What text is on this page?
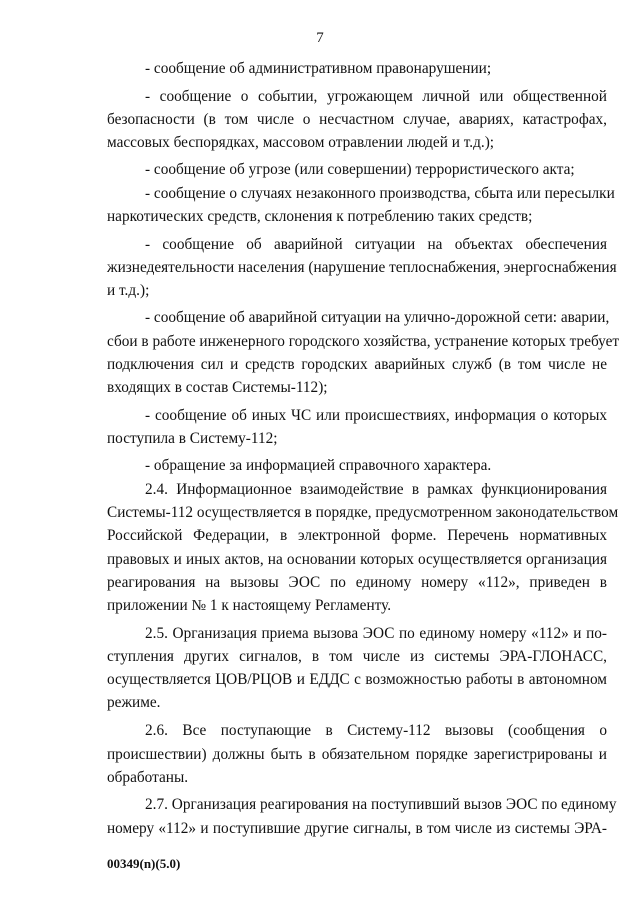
7
- сообщение об административном правонарушении;
- сообщение о событии, угрожающем личной или общественной
безопасности (в том числе о несчастном случае, авариях, катастрофах,
массовых беспорядках, массовом отравлении людей и т.д.);
- сообщение об угрозе (или совершении) террористического акта;
- сообщение о случаях незаконного производства, сбыта или пересылки
наркотических средств, склонения к потреблению таких средств;
- сообщение об аварийной ситуации на объектах обеспечения
жизнедеятельности населения (нарушение теплоснабжения, энергоснабжения
и т.д.);
- сообщение об аварийной ситуации на улично-дорожной сети: аварии,
сбои в работе инженерного городского хозяйства, устранение которых требует
подключения сил и средств городских аварийных служб (в том числе не
входящих в состав Системы-112);
- сообщение об иных ЧС или происшествиях, информация о которых
поступила в Систему-112;
- обращение за информацией справочного характера.
2.4. Информационное взаимодействие в рамках функционирования
Системы-112 осуществляется в порядке, предусмотренном законодательством
Российской Федерации, в электронной форме. Перечень нормативных
правовых и иных актов, на основании которых осуществляется организация
реагирования на вызовы ЭОС по единому номеру «112», приведен в
приложении № 1 к настоящему Регламенту.
2.5. Организация приема вызова ЭОС по единому номеру «112» и по-
ступления других сигналов, в том числе из системы ЭРА-ГЛОНАСС,
осуществляется ЦОВ/РЦОВ и ЕДДС с возможностью работы в автономном
режиме.
2.6. Все поступающие в Систему-112 вызовы (сообщения о
происшествии) должны быть в обязательном порядке зарегистрированы и
обработаны.
2.7. Организация реагирования на поступивший вызов ЭОС по единому
номеру «112» и поступившие другие сигналы, в том числе из системы ЭРА-
00349(n)(5.0)
